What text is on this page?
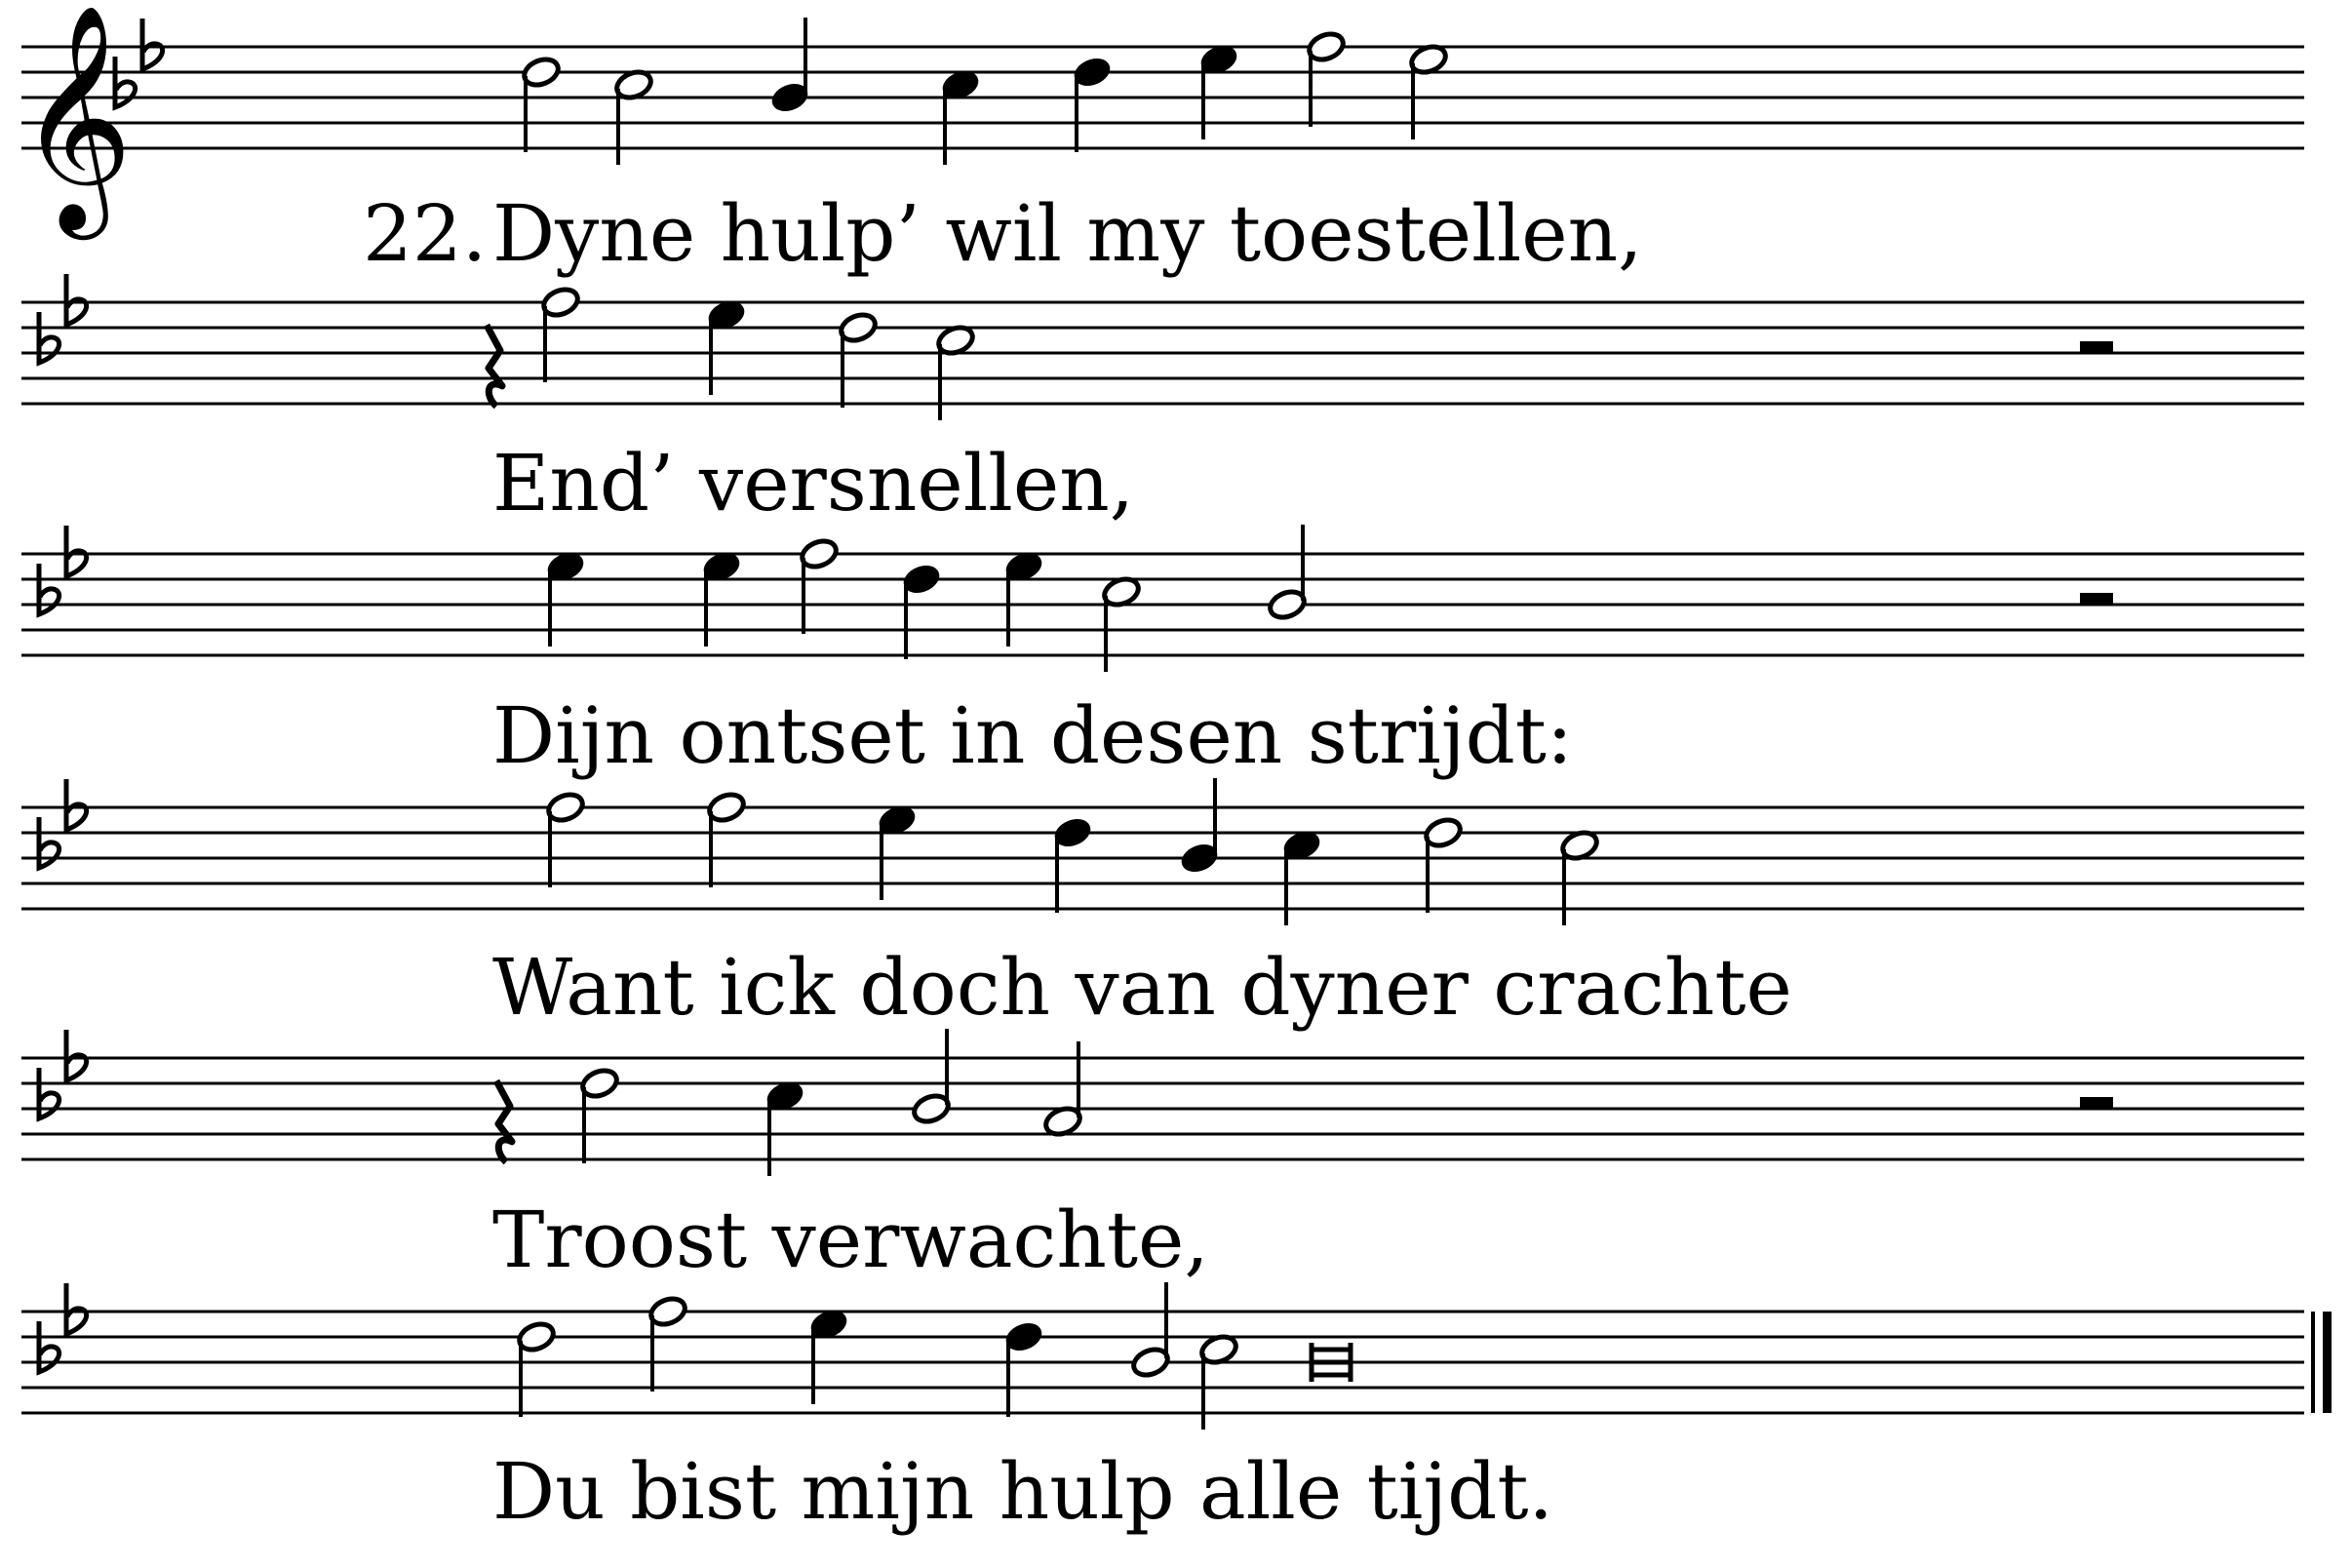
𝄞
22. Dyne hulp’ wil my toestellen,
End’ versnellen,
Dijn ontset in desen strijdt:
Want ick doch van dyner crachte
Troost verwachte,
Du bist mijn hulp alle tijdt.
